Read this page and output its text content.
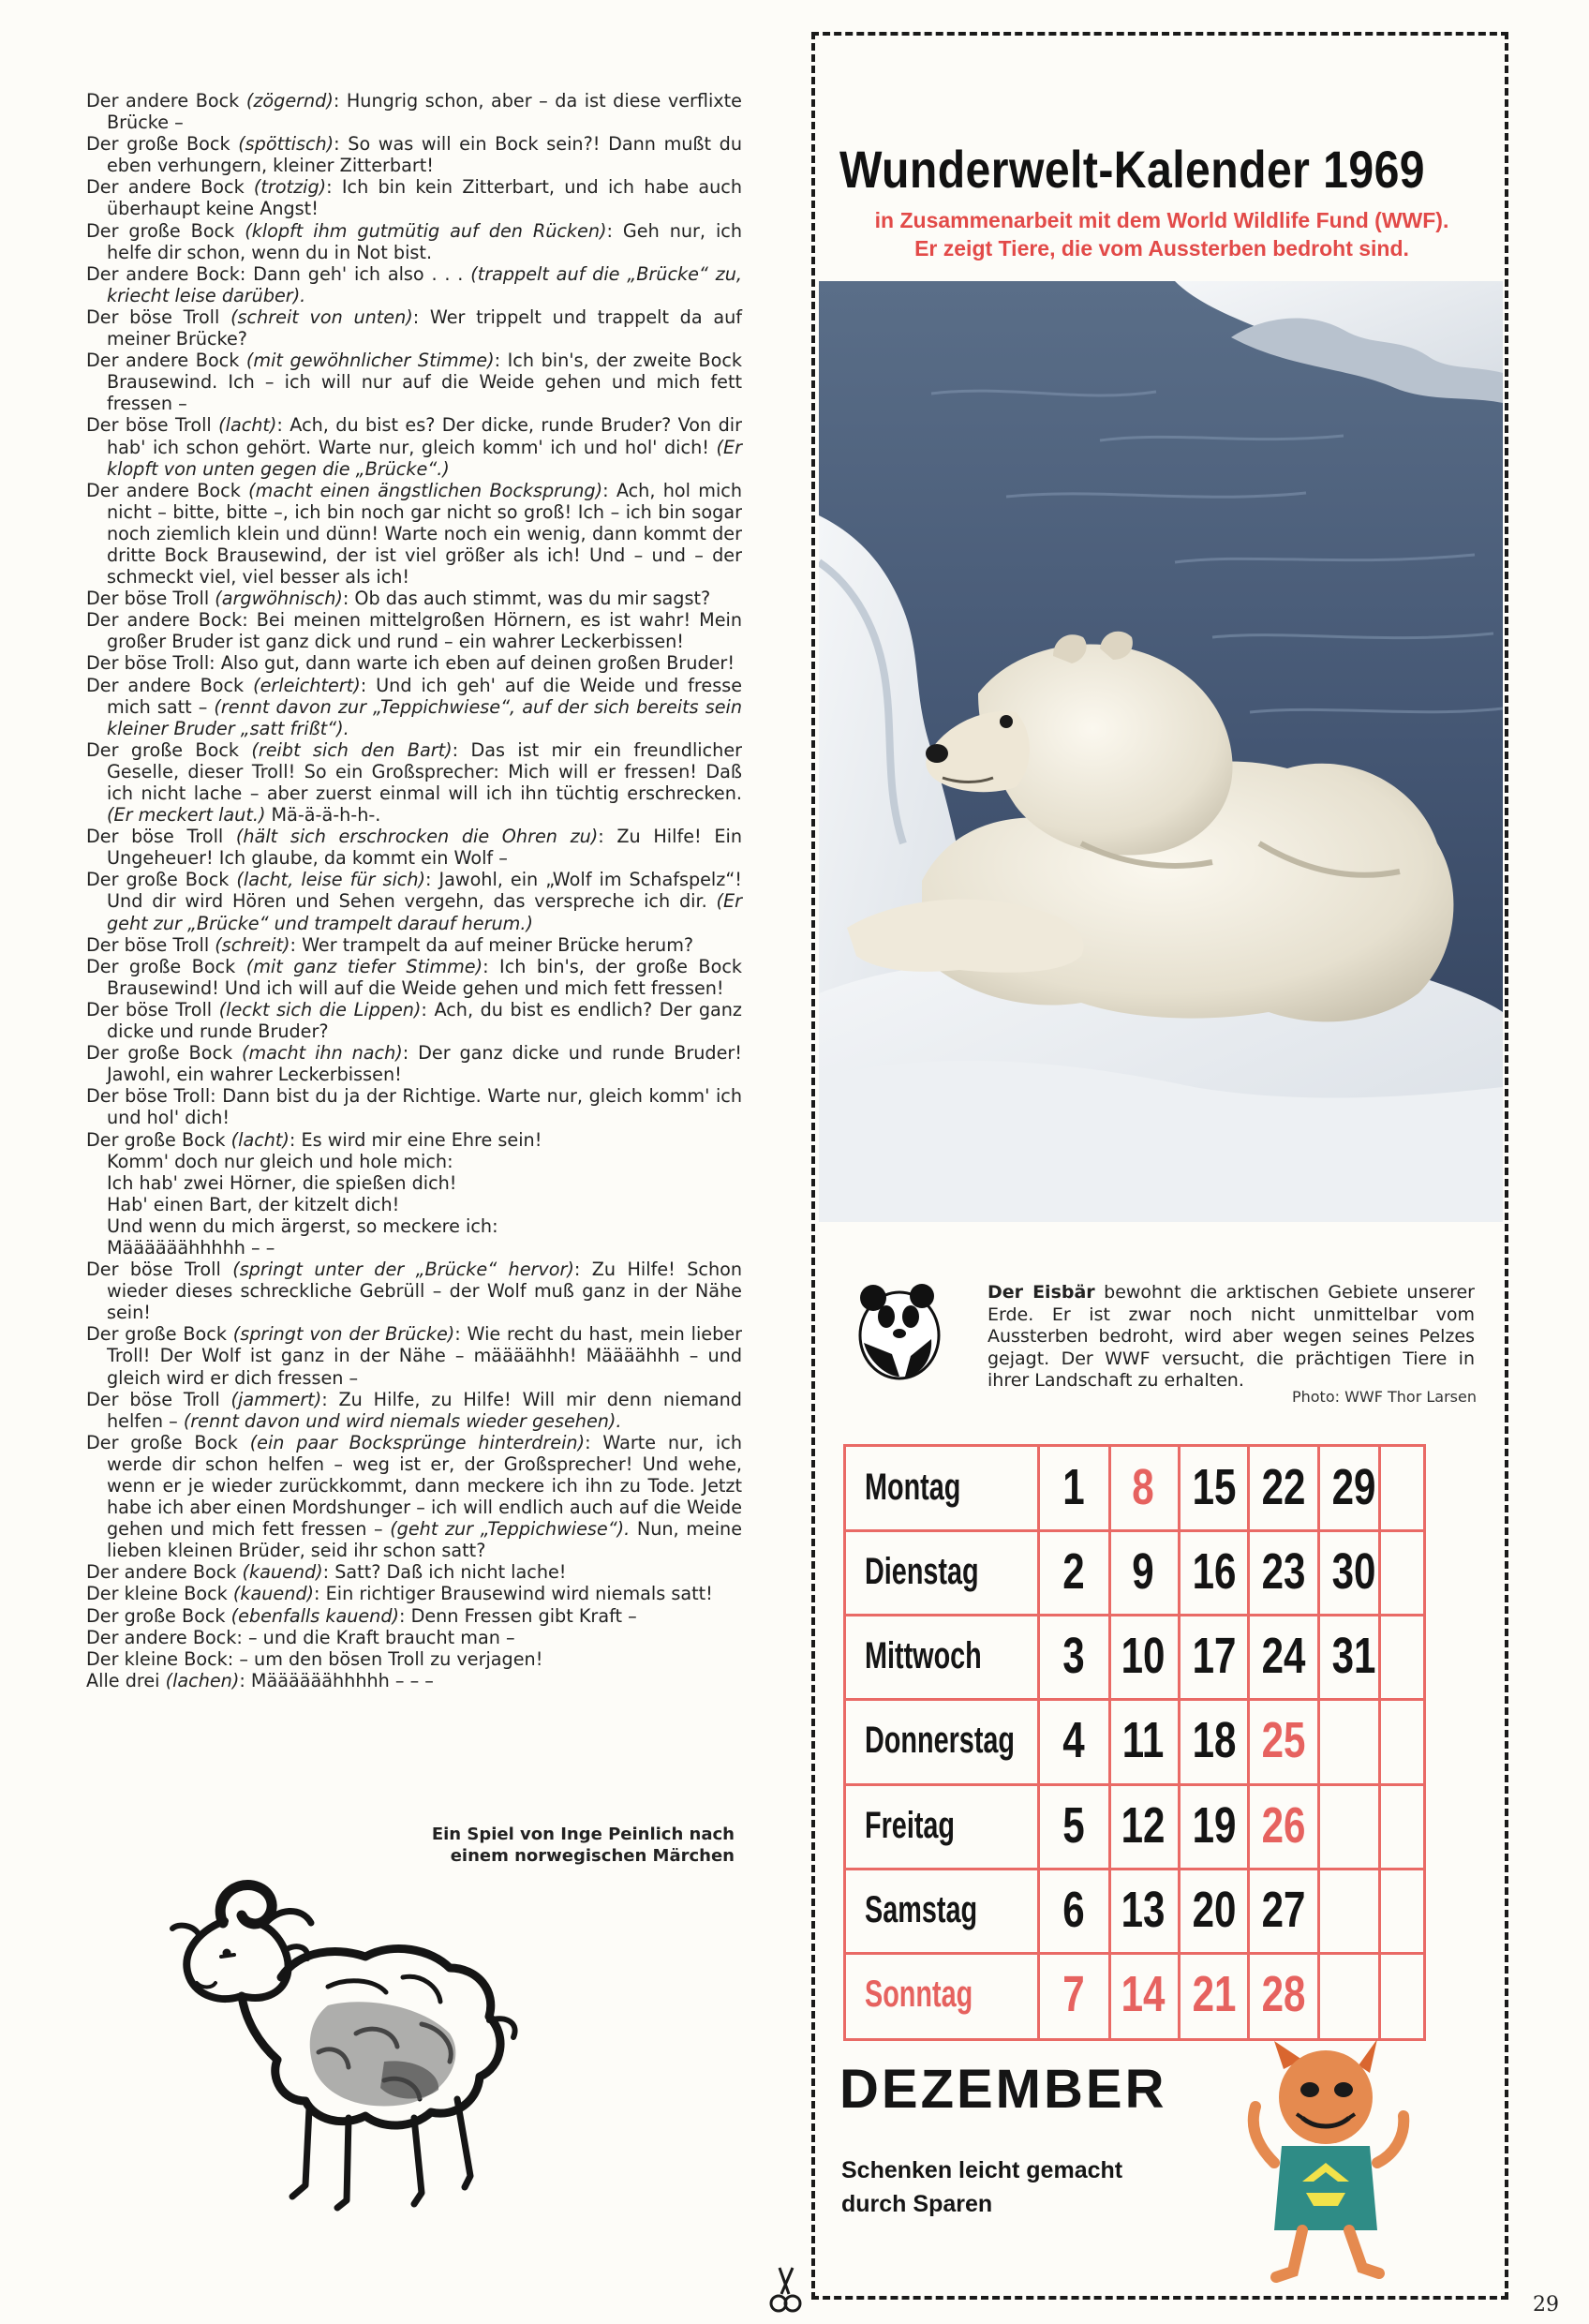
Der andere Bock (zögernd): Hungrig schon, aber – da ist diese verflixte Brücke –

Der große Bock (spöttisch): So was will ein Bock sein?! Dann mußt du eben verhungern, kleiner Zitterbart!

Der andere Bock (trotzig): Ich bin kein Zitterbart, und ich habe auch überhaupt keine Angst!

Der große Bock (klopft ihm gutmütig auf den Rücken): Geh nur, ich helfe dir schon, wenn du in Not bist.

Der andere Bock: Dann geh' ich also . . . (trappelt auf die „Brücke“ zu, kriecht leise darüber).

Der böse Troll (schreit von unten): Wer trippelt und trappelt da auf meiner Brücke?

Der andere Bock (mit gewöhnlicher Stimme): Ich bin's, der zweite Bock Brausewind. Ich – ich will nur auf die Weide gehen und mich fett fressen –

Der böse Troll (lacht): Ach, du bist es? Der dicke, runde Bruder? Von dir hab' ich schon gehört. Warte nur, gleich komm' ich und hol' dich! (Er klopft von unten gegen die „Brücke“.)

Der andere Bock (macht einen ängstlichen Bocksprung): Ach, hol mich nicht – bitte, bitte –, ich bin noch gar nicht so groß! Ich – ich bin sogar noch ziemlich klein und dünn! Warte noch ein wenig, dann kommt der dritte Bock Brausewind, der ist viel größer als ich! Und – und – der schmeckt viel, viel besser als ich!

Der böse Troll (argwöhnisch): Ob das auch stimmt, was du mir sagst?

Der andere Bock: Bei meinen mittelgroßen Hörnern, es ist wahr! Mein großer Bruder ist ganz dick und rund – ein wahrer Leckerbissen!

Der böse Troll: Also gut, dann warte ich eben auf deinen großen Bruder!

Der andere Bock (erleichtert): Und ich geh' auf die Weide und fresse mich satt – (rennt davon zur „Teppichwiese“, auf der sich bereits sein kleiner Bruder „satt frißt“).

Der große Bock (reibt sich den Bart): Das ist mir ein freundlicher Geselle, dieser Troll! So ein Großsprecher: Mich will er fressen! Daß ich nicht lache – aber zuerst einmal will ich ihn tüchtig erschrecken. (Er meckert laut.) Mä-ä-ä-h-h-.

Der böse Troll (hält sich erschrocken die Ohren zu): Zu Hilfe! Ein Ungeheuer! Ich glaube, da kommt ein Wolf –

Der große Bock (lacht, leise für sich): Jawohl, ein „Wolf im Schafspelz“! Und dir wird Hören und Sehen vergehn, das verspreche ich dir. (Er geht zur „Brücke“ und trampelt darauf herum.)

Der böse Troll (schreit): Wer trampelt da auf meiner Brücke herum?

Der große Bock (mit ganz tiefer Stimme): Ich bin's, der große Bock Brausewind! Und ich will auf die Weide gehen und mich fett fressen!

Der böse Troll (leckt sich die Lippen): Ach, du bist es endlich? Der ganz dicke und runde Bruder?

Der große Bock (macht ihn nach): Der ganz dicke und runde Bruder! Jawohl, ein wahrer Leckerbissen!

Der böse Troll: Dann bist du ja der Richtige. Warte nur, gleich komm' ich und hol' dich!

Der große Bock (lacht): Es wird mir eine Ehre sein!

Komm' doch nur gleich und hole mich:

Ich hab' zwei Hörner, die spießen dich!

Hab' einen Bart, der kitzelt dich!

Und wenn du mich ärgerst, so meckere ich:

Määäääähhhhh – –

Der böse Troll (springt unter der „Brücke“ hervor): Zu Hilfe! Schon wieder dieses schreckliche Gebrüll – der Wolf muß ganz in der Nähe sein!

Der große Bock (springt von der Brücke): Wie recht du hast, mein lieber Troll! Der Wolf ist ganz in der Nähe – määäähhh! Määäähhh – und gleich wird er dich fressen –

Der böse Troll (jammert): Zu Hilfe, zu Hilfe! Will mir denn niemand helfen – (rennt davon und wird niemals wieder gesehen).

Der große Bock (ein paar Bocksprünge hinterdrein): Warte nur, ich werde dir schon helfen – weg ist er, der Großsprecher! Und wehe, wenn er je wieder zurückkommt, dann meckere ich ihn zu Tode. Jetzt habe ich aber einen Mordshunger – ich will endlich auch auf die Weide gehen und mich fett fressen – (geht zur „Teppichwiese“). Nun, meine lieben kleinen Brüder, seid ihr schon satt?

Der andere Bock (kauend): Satt? Daß ich nicht lache!

Der kleine Bock (kauend): Ein richtiger Brausewind wird niemals satt!

Der große Bock (ebenfalls kauend): Denn Fressen gibt Kraft –

Der andere Bock: – und die Kraft braucht man –

Der kleine Bock: – um den bösen Troll zu verjagen!

Alle drei (lachen): Määäääähhhhh – – –

Ein Spiel von Inge Peinlich nach
einem norwegischen Märchen
Wunderwelt-Kalender 1969
in Zusammenarbeit mit dem World Wildlife Fund (WWF).
Er zeigt Tiere, die vom Aussterben bedroht sind.
Der Eisbär bewohnt die arktischen Gebiete unserer Erde. Er ist zwar noch nicht unmittelbar vom Aussterben bedroht, wird aber wegen seines Pelzes gejagt. Der WWF versucht, die prächtigen Tiere in ihrer Landschaft zu erhalten.
Photo: WWF Thor Larsen
Montag	1 8 15 22 29
Dienstag	2 9 16 23 30
Mittwoch	3 10 17 24 31
Donnerstag 4 11 18 25
Freitag	5 12 19 26
Samstag	6 13 20 27
Sonntag	7 14 21 28
DEZEMBER
Schenken leicht gemacht
durch Sparen
29
